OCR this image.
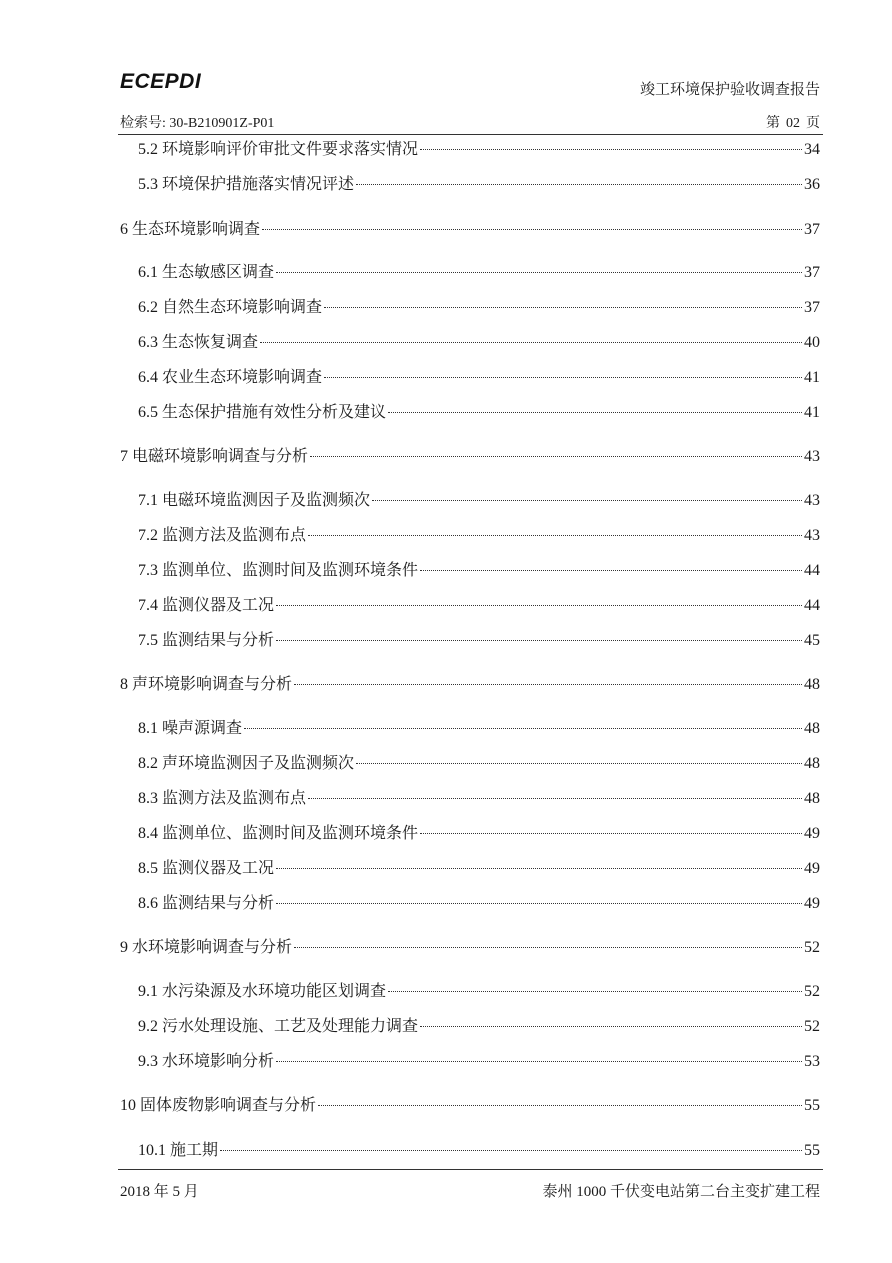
ECEPDI	竣工环境保护验收调查报告
检索号: 30-B210901Z-P01	第 02 页
5.2 环境影响评价审批文件要求落实情况	34
5.3 环境保护措施落实情况评述	36
6 生态环境影响调查	37
6.1 生态敏感区调查	37
6.2 自然生态环境影响调查	37
6.3 生态恢复调查	40
6.4 农业生态环境影响调查	41
6.5 生态保护措施有效性分析及建议	41
7 电磁环境影响调查与分析	43
7.1 电磁环境监测因子及监测频次	43
7.2 监测方法及监测布点	43
7.3 监测单位、监测时间及监测环境条件	44
7.4 监测仪器及工况	44
7.5 监测结果与分析	45
8 声环境影响调查与分析	48
8.1 噪声源调查	48
8.2 声环境监测因子及监测频次	48
8.3 监测方法及监测布点	48
8.4 监测单位、监测时间及监测环境条件	49
8.5 监测仪器及工况	49
8.6 监测结果与分析	49
9 水环境影响调查与分析	52
9.1 水污染源及水环境功能区划调查	52
9.2 污水处理设施、工艺及处理能力调查	52
9.3 水环境影响分析	53
10 固体废物影响调查与分析	55
10.1 施工期	55
2018 年 5 月	泰州 1000 千伏变电站第二台主变扩建工程
